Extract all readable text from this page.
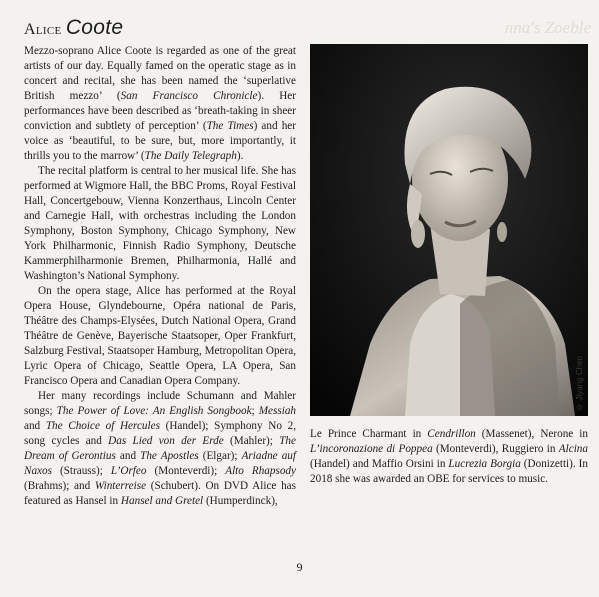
nna's Zoeble
Alice Coote

Mezzo-soprano Alice Coote is regarded as one of the great artists of our day. Equally famed on the operatic stage as in concert and recital, she has been named the ‘superlative British mezzo’ (San Francisco Chronicle). Her performances have been described as ‘breath-taking in sheer conviction and subtlety of perception’ (The Times) and her voice as ‘beautiful, to be sure, but, more importantly, it thrills you to the marrow’ (The Daily Telegraph).

The recital platform is central to her musical life. She has performed at Wigmore Hall, the BBC Proms, Royal Festival Hall, Concertgebouw, Vienna Konzerthaus, Lincoln Center and Carnegie Hall, with orchestras including the London Symphony, Boston Symphony, Chicago Symphony, New York Philharmonic, Finnish Radio Symphony, Deutsche Kammerphilharmonie Bremen, Philharmonia, Hallé and Washington’s National Symphony.

On the opera stage, Alice has performed at the Royal Opera House, Glyndebourne, Opéra national de Paris, Théâtre des Champs-Elysées, Dutch National Opera, Grand Théâtre de Genève, Bayerische Staatsoper, Oper Frankfurt, Salzburg Festival, Staatsoper Hamburg, Metropolitan Opera, Lyric Opera of Chicago, Seattle Opera, LA Opera, San Francisco Opera and Canadian Opera Company.

Her many recordings include Schumann and Mahler songs; The Power of Love: An English Songbook; Messiah and The Choice of Hercules (Handel); Symphony No 2, song cycles and Das Lied von der Erde (Mahler); The Dream of Gerontius and The Apostles (Elgar); Ariadne auf Naxos (Strauss); L’Orfeo (Monteverdi); Alto Rhapsody (Brahms); and Winterreise (Schubert). On DVD Alice has featured as Hansel in Hansel and Gretel (Humperdinck),

© Jiyang Chen

Le Prince Charmant in Cendrillon (Massenet), Nerone in L’incoronazione di Poppea (Monteverdi), Ruggiero in Alcina (Handel) and Maffio Orsini in Lucrezia Borgia (Donizetti). In 2018 she was awarded an OBE for services to music.

9
